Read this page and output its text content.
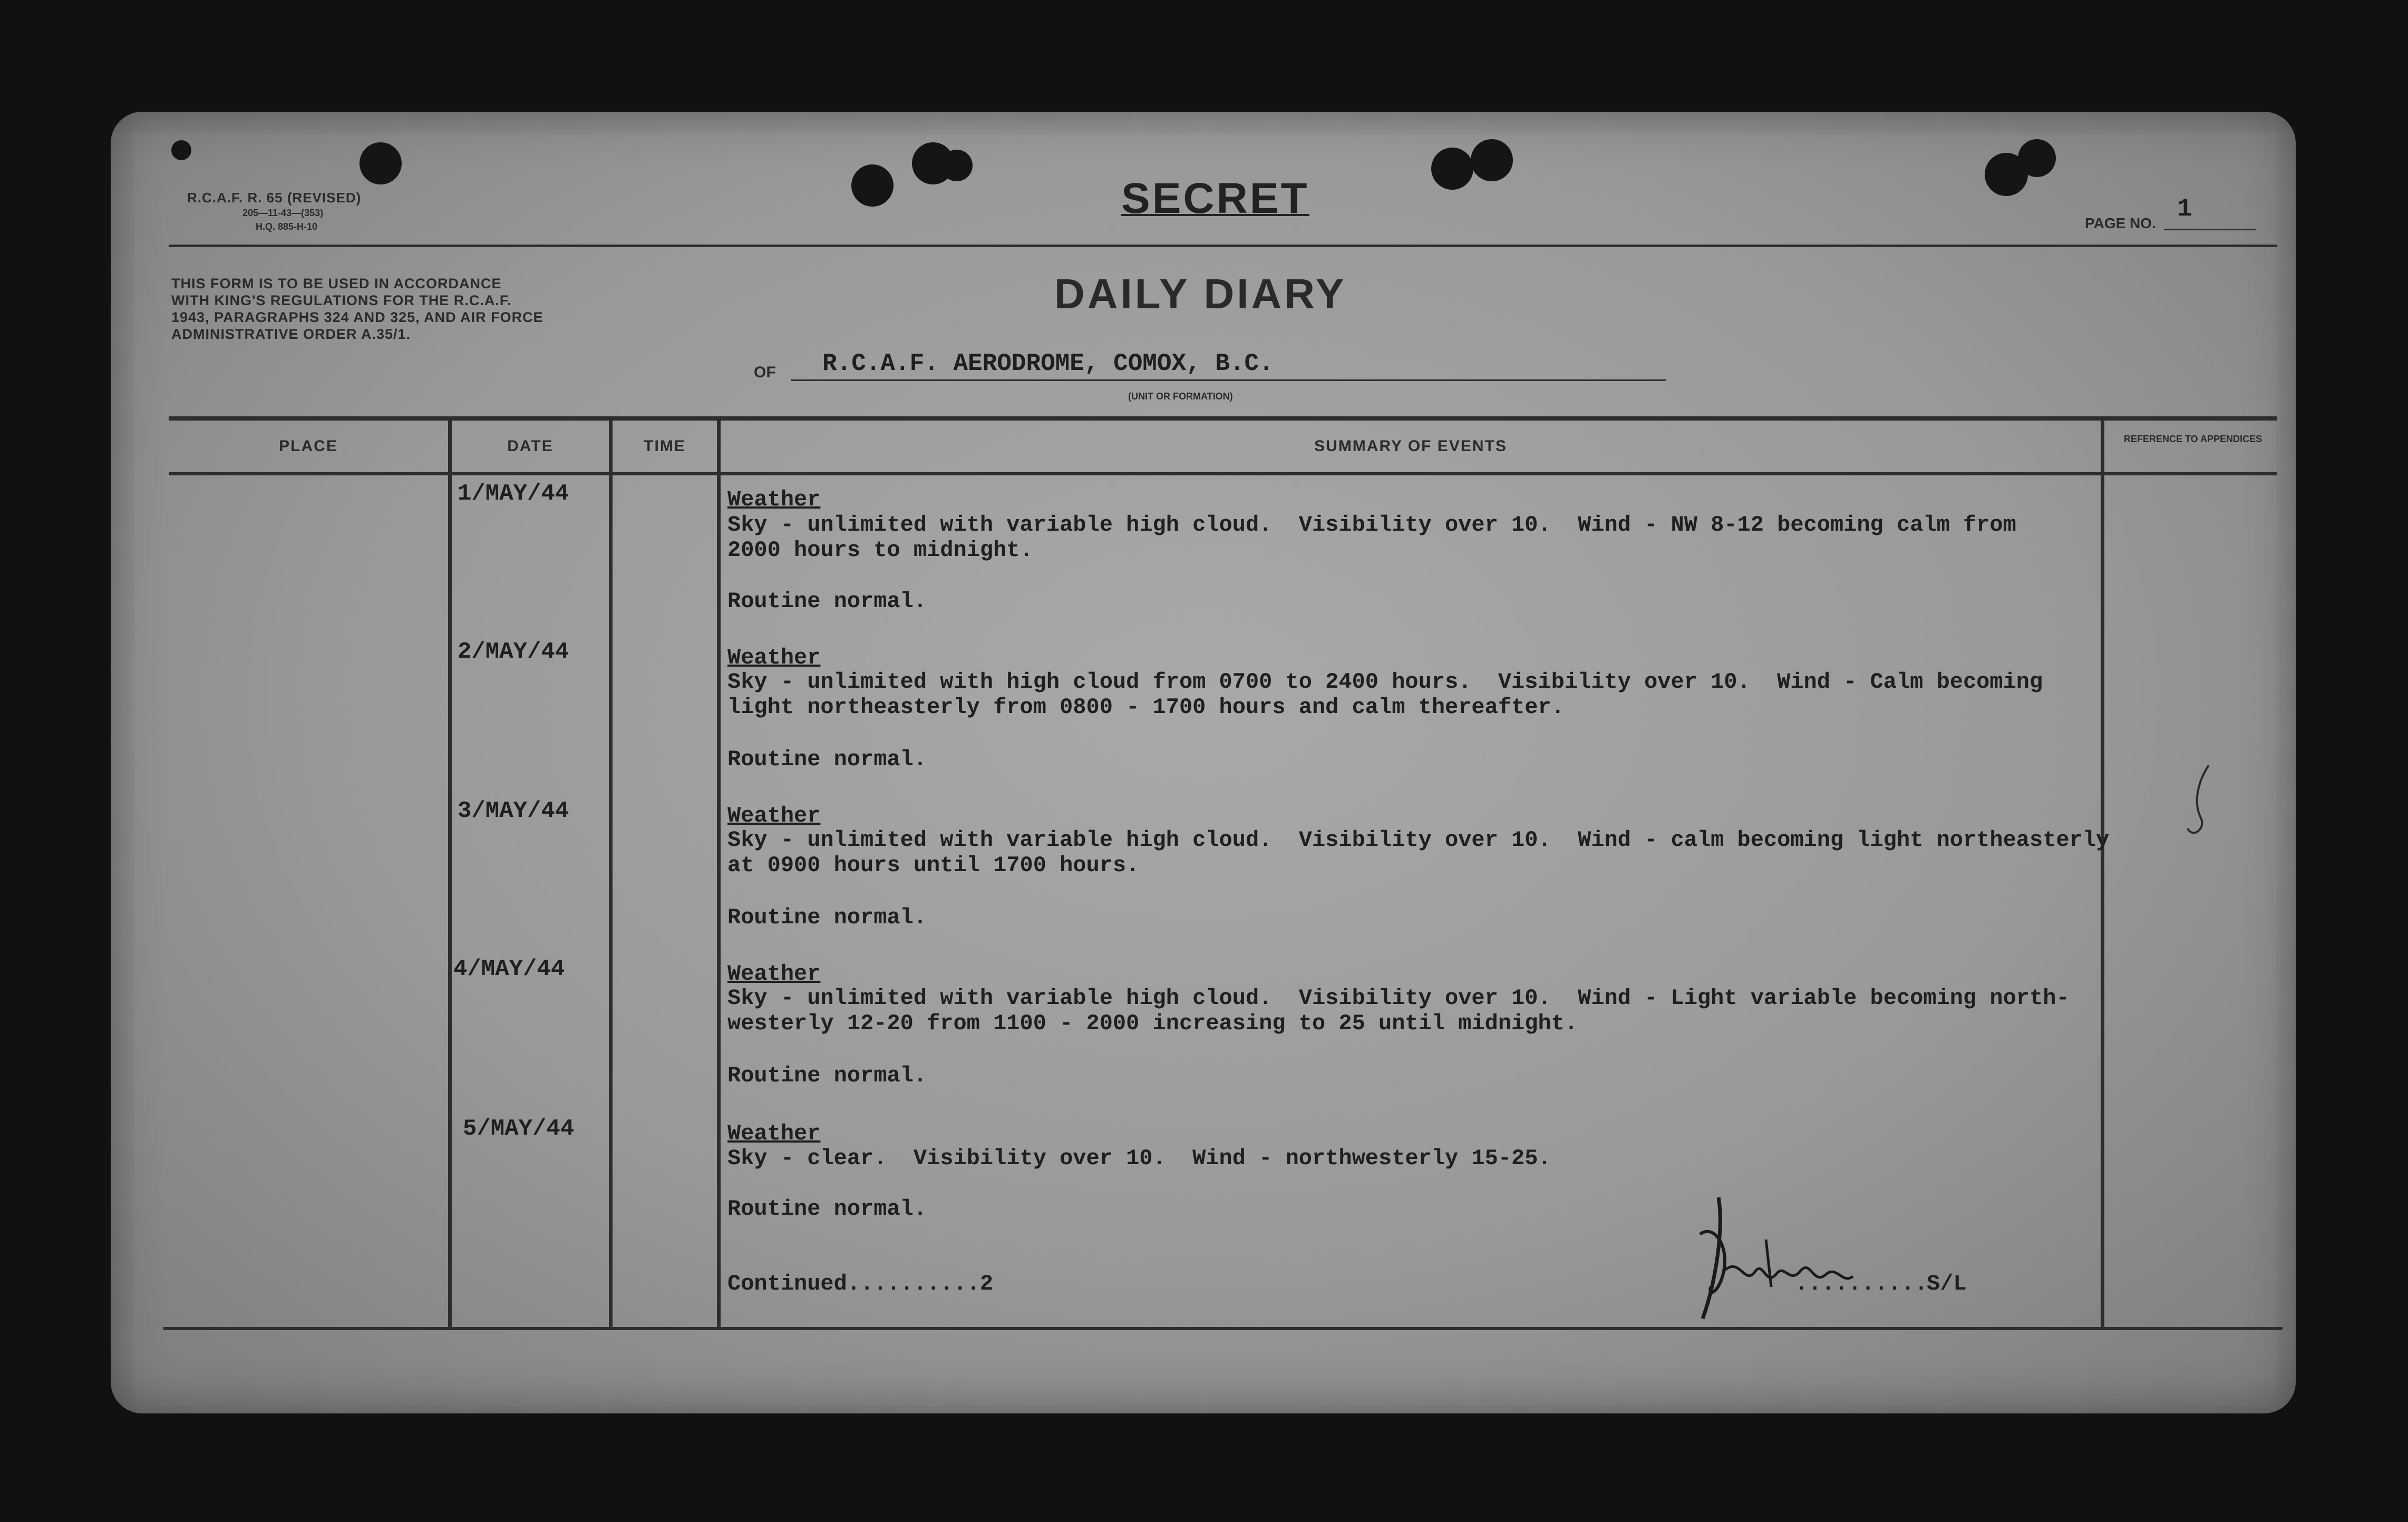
R.C.A.F. R. 65 (REVISED)
205—11-43—(353)
H.Q. 885-H-10
SECRET
PAGE NO. 1
THIS FORM IS TO BE USED IN ACCORDANCE
WITH KING'S REGULATIONS FOR THE R.C.A.F.
1943, PARAGRAPHS 324 AND 325, AND AIR FORCE
ADMINISTRATIVE ORDER A.35/1.
DAILY DIARY
OF R.C.A.F. AERODROME, COMOX, B.C.
(UNIT OR FORMATION)
PLACE	DATE	TIME	SUMMARY OF EVENTS	REFERENCE TO APPENDICES
1/MAY/44	Weather
Sky - unlimited with variable high cloud.  Visibility over 10.  Wind - NW 8-12 becoming calm from
2000 hours to midnight.
Routine normal.
2/MAY/44	Weather
Sky - unlimited with high cloud from 0700 to 2400 hours.  Visibility over 10.  Wind - Calm becoming
light northeasterly from 0800 - 1700 hours and calm thereafter.
Routine normal.
3/MAY/44	Weather
Sky - unlimited with variable high cloud.  Visibility over 10.  Wind - calm becoming light northeasterly
at 0900 hours until 1700 hours.
Routine normal.
4/MAY/44	Weather
Sky - unlimited with variable high cloud.  Visibility over 10.  Wind - Light variable becoming north-
westerly 12-20 from 1100 - 2000 increasing to 25 until midnight.
Routine normal.
5/MAY/44	Weather
Sky - clear.  Visibility over 10.  Wind - northwesterly 15-25.
Routine normal.
Continued..........2	..........
S/L
